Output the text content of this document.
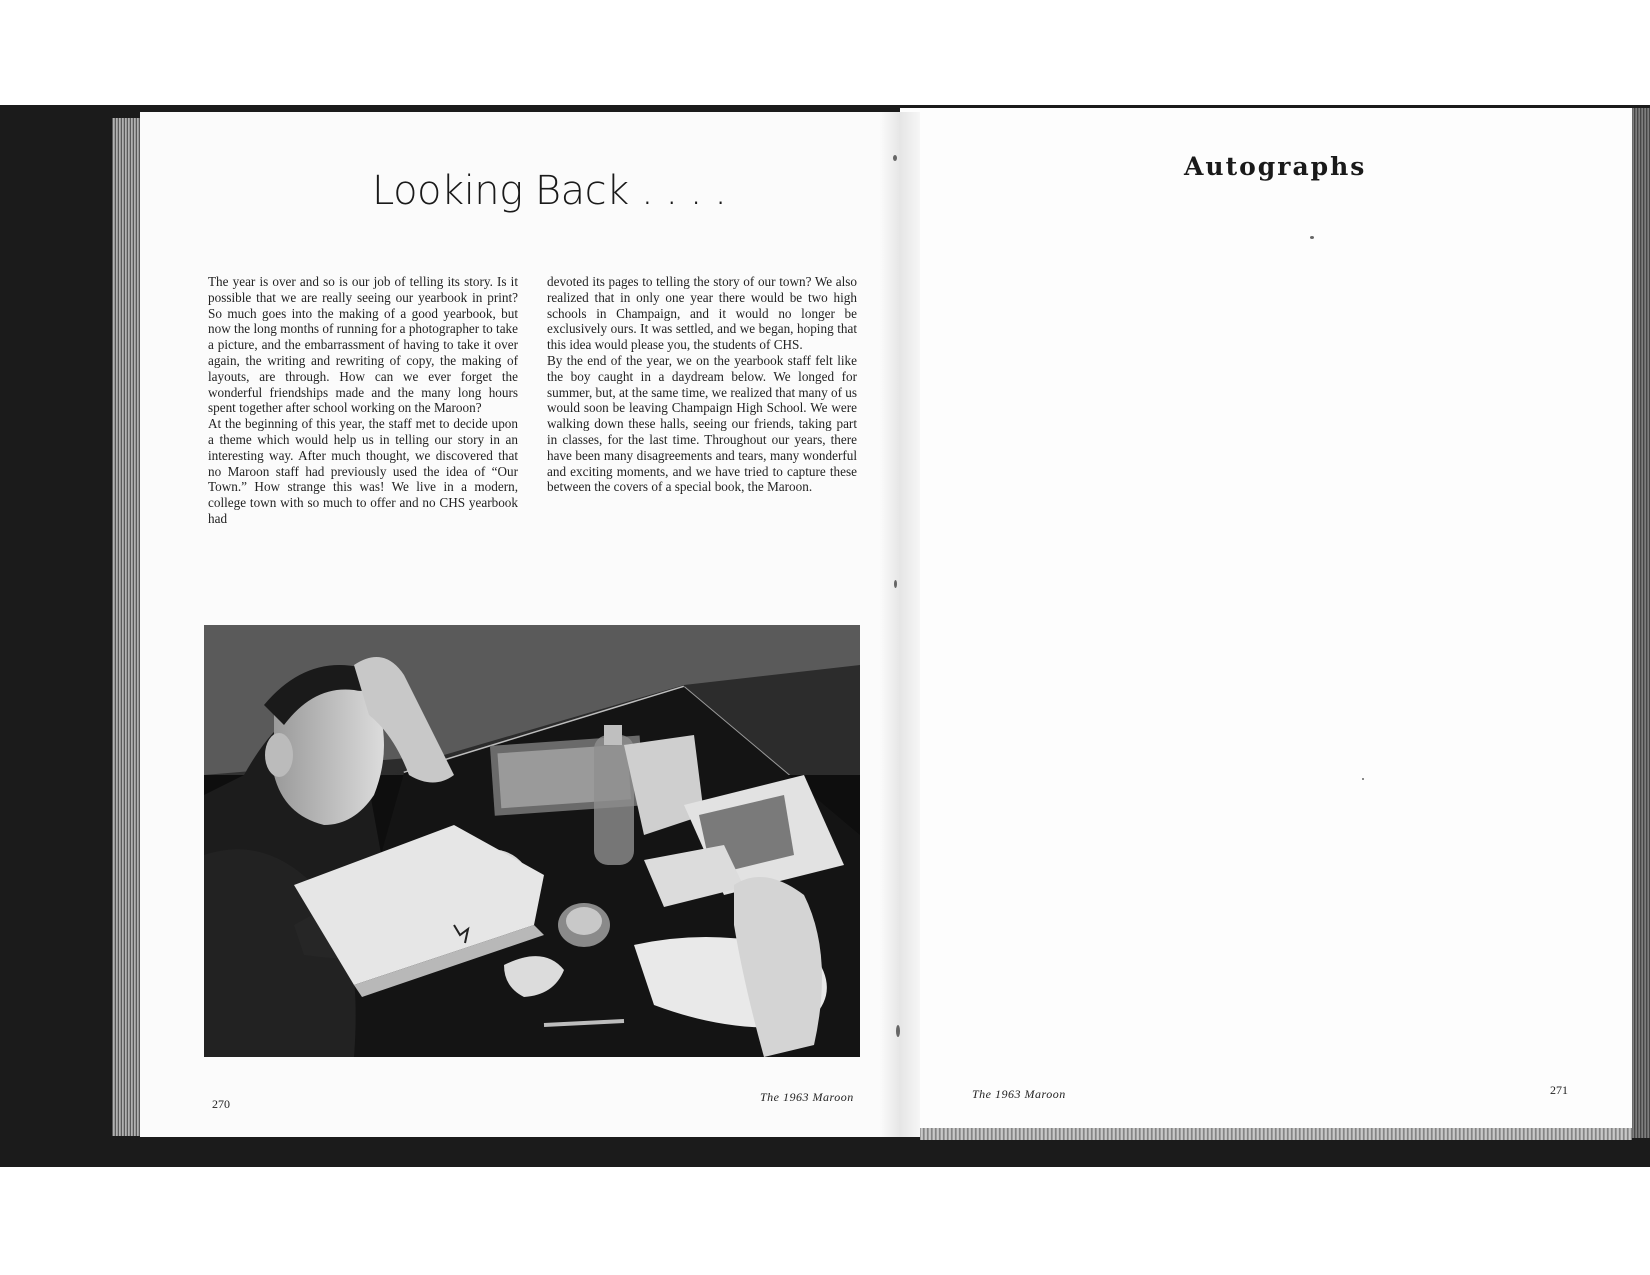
Looking Back . . . .
Autographs

The year is over and so is our job of telling its story. Is it possible that we are really seeing our yearbook in print? So much goes into the making of a good yearbook, but now the long months of running for a photographer to take a picture, and the embarrassment of having to take it over again, the writing and rewriting of copy, the making of layouts, are through. How can we ever forget the wonderful friendships made and the many long hours spent together after school working on the Maroon?

At the beginning of this year, the staff met to decide upon a theme which would help us in telling our story in an interesting way. After much thought, we discovered that no Maroon staff had previously used the idea of “Our Town.” How strange this was! We live in a modern, college town with so much to offer and no CHS yearbook had

devoted its pages to telling the story of our town? We also realized that in only one year there would be two high schools in Champaign, and it would no longer be exclusively ours. It was settled, and we began, hoping that this idea would please you, the students of CHS.

By the end of the year, we on the yearbook staff felt like the boy caught in a daydream below. We longed for summer, but, at the same time, we realized that many of us would soon be leaving Champaign High School. We were walking down these halls, seeing our friends, taking part in classes, for the last time. Throughout our years, there have been many disagreements and tears, many wonderful and exciting moments, and we have tried to capture these between the covers of a special book, the Maroon.

270	The 1963 Maroon	The 1963 Maroon	271
